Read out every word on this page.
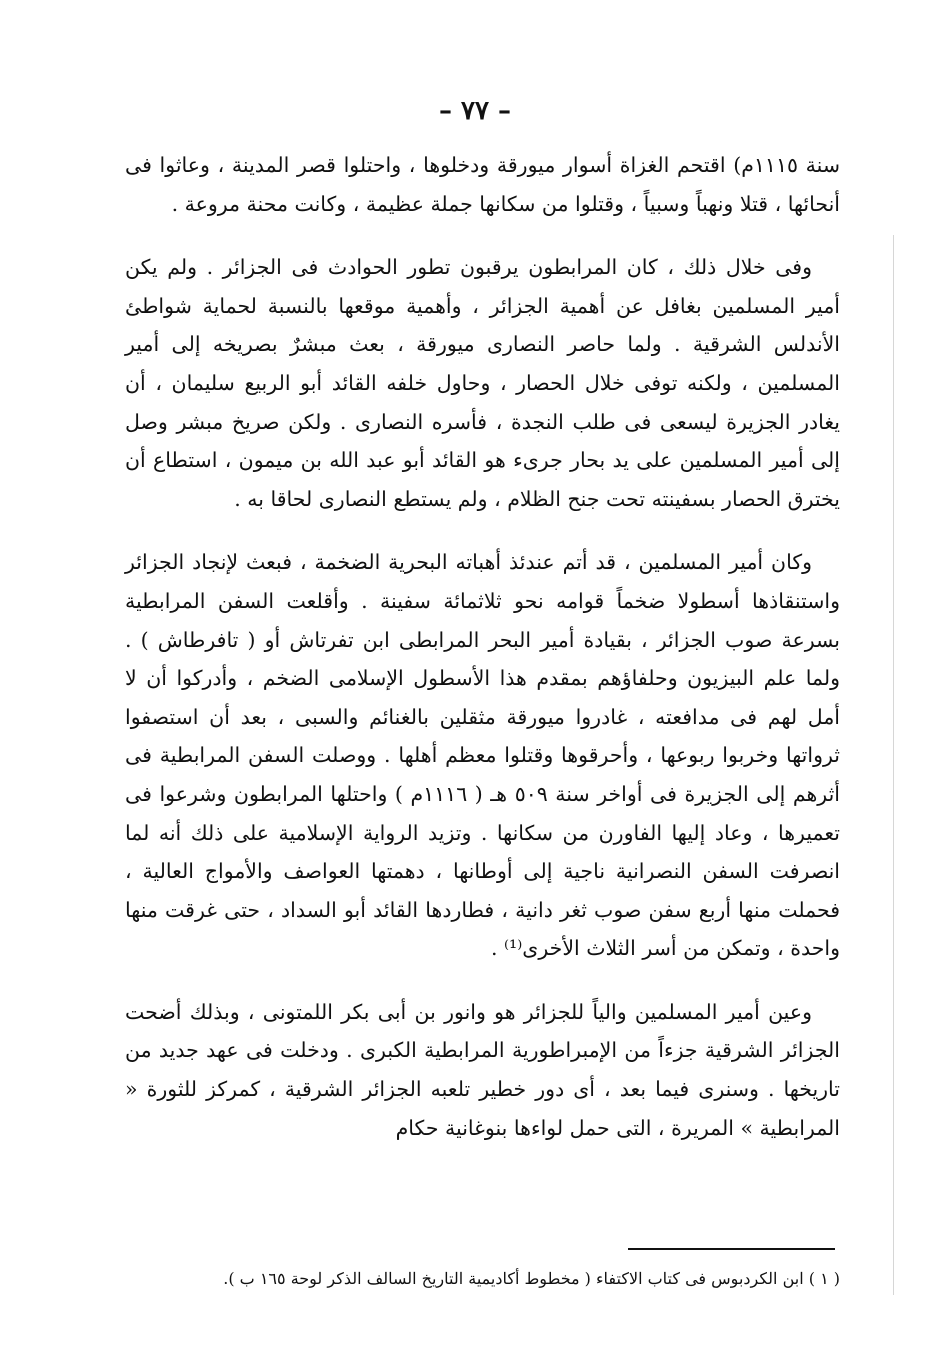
– ٧٧ –

سنة ١١١٥م) اقتحم الغزاة أسوار ميورقة ودخلوها ، واحتلوا قصر المدينة ، وعاثوا فى أنحائها ، قتلا ونهباً وسبياً ، وقتلوا من سكانها جملة عظيمة ، وكانت محنة مروعة .

وفى خلال ذلك ، كان المرابطون يرقبون تطور الحوادث فى الجزائر . ولم يكن أمير المسلمين بغافل عن أهمية الجزائر ، وأهمية موقعها بالنسبة لحماية شواطئ الأندلس الشرقية . ولما حاصر النصارى ميورقة ، بعث مبشرٌ بصريخه إلى أمير المسلمين ، ولكنه توفى خلال الحصار ، وحاول خلفه القائد أبو الربيع سليمان ، أن يغادر الجزيرة ليسعى فى طلب النجدة ، فأسره النصارى . ولكن صريخ مبشر وصل إلى أمير المسلمين على يد بحار جرىء هو القائد أبو عبد الله بن ميمون ، استطاع أن يخترق الحصار بسفينته تحت جنح الظلام ، ولم يستطع النصارى لحاقا به .

وكان أمير المسلمين ، قد أتم عندئذ أهباته البحرية الضخمة ، فبعث لإنجاد الجزائر واستنقاذها أسطولا ضخماً قوامه نحو ثلاثمائة سفينة . وأقلعت السفن المرابطية بسرعة صوب الجزائر ، بقيادة أمير البحر المرابطى ابن تفرتاش أو ( تافرطاش ) . ولما علم البيزيون وحلفاؤهم بمقدم هذا الأسطول الإسلامى الضخم ، وأدركوا أن لا أمل لهم فى مدافعته ، غادروا ميورقة مثقلين بالغنائم والسبى ، بعد أن استصفوا ثرواتها وخربوا ربوعها ، وأحرقوها وقتلوا معظم أهلها . ووصلت السفن المرابطية فى أثرهم إلى الجزيرة فى أواخر سنة ٥٠٩ هـ ( ١١١٦م ) واحتلها المرابطون وشرعوا فى تعميرها ، وعاد إليها الفاورن من سكانها . وتزيد الرواية الإسلامية على ذلك أنه لما انصرفت السفن النصرانية ناجية إلى أوطانها ، دهمتها العواصف والأمواج العالية ، فحملت منها أربع سفن صوب ثغر دانية ، فطاردها القائد أبو السداد ، حتى غرقت منها واحدة ، وتمكن من أسر الثلاث الأخرى⁽¹⁾ .

وعين أمير المسلمين والياً للجزائر هو وانور بن أبى بكر اللمتونى ، وبذلك أضحت الجزائر الشرقية جزءاً من الإمبراطورية المرابطية الكبرى . ودخلت فى عهد جديد من تاريخها . وسنرى فيما بعد ، أى دور خطير تلعبه الجزائر الشرقية ، كمركز للثورة « المرابطية » المريرة ، التى حمل لواءها بنوغانية حكام

( ١ ) ابن الكردبوس فى كتاب الاكتفاء ( مخطوط أكاديمية التاريخ السالف الذكر لوحة ١٦٥ ب ).
